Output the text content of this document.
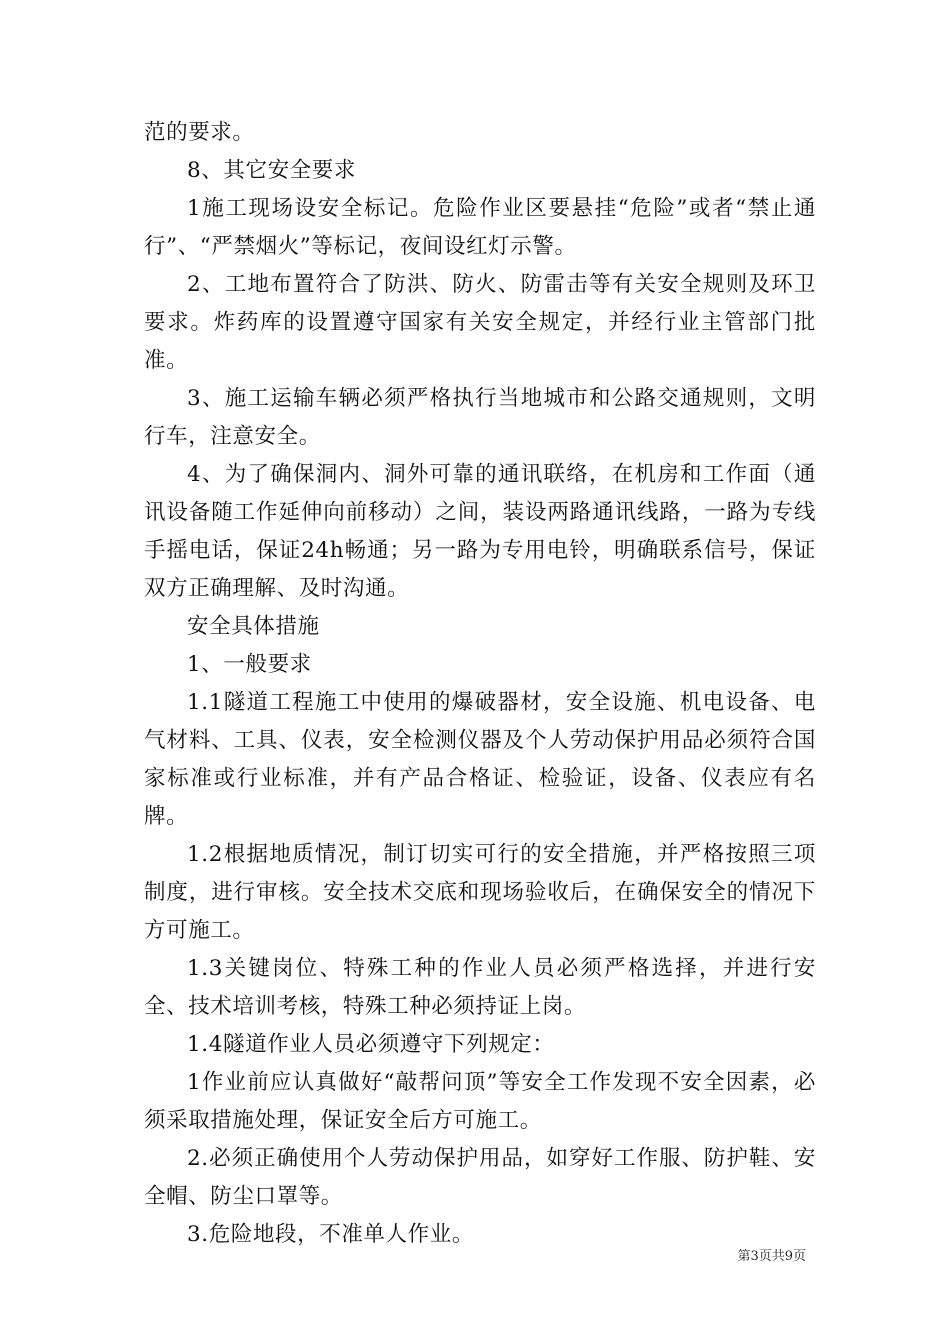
范的要求。

8、其它安全要求

1施工现场设安全标记。危险作业区要悬挂“危险”或者“禁止通行”、“严禁烟火”等标记，夜间设红灯示警。

2、工地布置符合了防洪、防火、防雷击等有关安全规则及环卫要求。炸药库的设置遵守国家有关安全规定，并经行业主管部门批准。

3、施工运输车辆必须严格执行当地城市和公路交通规则，文明行车，注意安全。

4、为了确保洞内、洞外可靠的通讯联络，在机房和工作面（通讯设备随工作延伸向前移动）之间，装设两路通讯线路，一路为专线手摇电话，保证24h畅通；另一路为专用电铃，明确联系信号，保证双方正确理解、及时沟通。

安全具体措施

1、一般要求

1.1隧道工程施工中使用的爆破器材，安全设施、机电设备、电气材料、工具、仪表，安全检测仪器及个人劳动保护用品必须符合国家标准或行业标准，并有产品合格证、检验证，设备、仪表应有名牌。

1.2根据地质情况，制订切实可行的安全措施，并严格按照三项制度，进行审核。安全技术交底和现场验收后，在确保安全的情况下方可施工。

1.3关键岗位、特殊工种的作业人员必须严格选择，并进行安全、技术培训考核，特殊工种必须持证上岗。

1.4隧道作业人员必须遵守下列规定：

1作业前应认真做好“敲帮问顶”等安全工作发现不安全因素，必须采取措施处理，保证安全后方可施工。

2.必须正确使用个人劳动保护用品，如穿好工作服、防护鞋、安全帽、防尘口罩等。

3.危险地段，不准单人作业。

第3页共9页
